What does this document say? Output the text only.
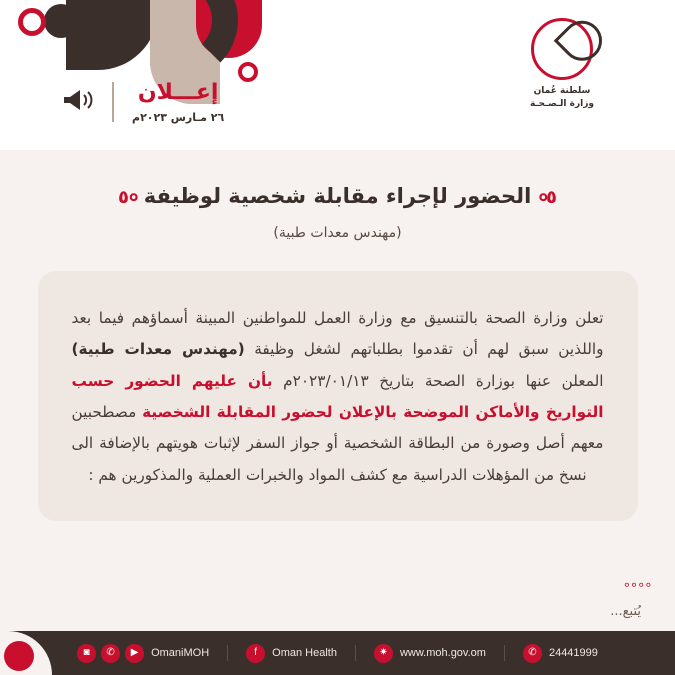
إعـــلان
٢٦ مـارس ٢٠٢٣م
سلطنة عُمان
وزارة الـصـحـة
०٥ الحضور لإجراء مقابلة شخصية لوظيفة ٥०
(مهندس معدات طبية)

تعلن وزارة الصحة بالتنسيق مع وزارة العمل للمواطنين المبينة أسماؤهم فيما بعد واللذين سبق لهم أن تقدموا بطلباتهم لشغل وظيفة (مهندس معدات طبية) المعلن عنها بوزارة الصحة بتاريخ ٢٠٢٣/٠١/١٣م بأن عليهم الحضور حسب التواريخ والأماكن الموضحة بالإعلان لحضور المقابلة الشخصية مصطحبين معهم أصل وصورة من البطاقة الشخصية أو جواز السفر لإثبات هويتهم بالإضافة الى نسخ من المؤهلات الدراسية مع كشف المواد والخبرات العملية والمذكورين هم :

००००
يُتبع...
◙	✆	▶	OmaniMOH	f	Oman Health	✷	www.moh.gov.om	✆	24441999
